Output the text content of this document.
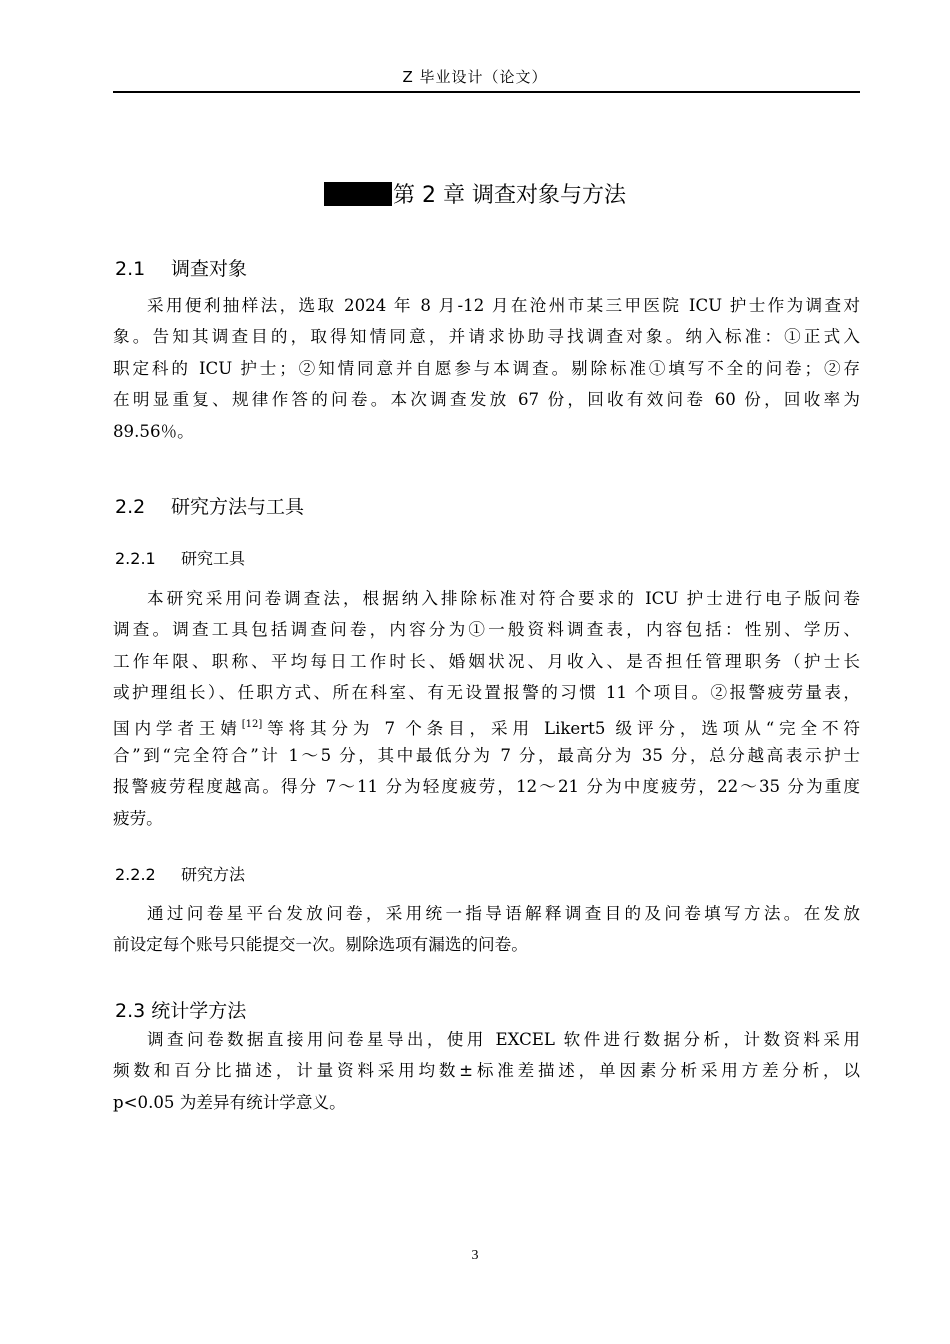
Z 毕业设计（论文）
第 2 章 调查对象与方法
2.1 调查对象
采用便利抽样法，选取 2024 年 8 月-12 月在沧州市某三甲医院 ICU 护士作为调查对
象。告知其调查目的，取得知情同意，并请求协助寻找调查对象。纳入标准：①正式入
职定科的 ICU 护士；②知情同意并自愿参与本调查。剔除标准①填写不全的问卷；②存
在明显重复、规律作答的问卷。本次调查发放 67 份，回收有效问卷 60 份，回收率为
89.56％。
2.2 研究方法与工具
2.2.1 研究工具
本研究采用问卷调查法，根据纳入排除标准对符合要求的 ICU 护士进行电子版问卷
调查。调查工具包括调查问卷，内容分为①一般资料调查表，内容包括：性别、学历、
工作年限、职称、平均每日工作时长、婚姻状况、月收入、是否担任管理职务（护士长
或护理组长）、任职方式、所在科室、有无设置报警的习惯 11 个项目。②报警疲劳量表，
国内学者王婧[12]等将其分为 7 个条目，采用 Likert5 级评分，选项从“完全不符
合”到“完全符合”计 1～5 分，其中最低分为 7 分，最高分为 35 分，总分越高表示护士
报警疲劳程度越高。得分 7～11 分为轻度疲劳，12～21 分为中度疲劳，22～35 分为重度
疲劳。
2.2.2 研究方法
通过问卷星平台发放问卷，采用统一指导语解释调查目的及问卷填写方法。在发放
前设定每个账号只能提交一次。剔除选项有漏选的问卷。
2.3 统计学方法
调查问卷数据直接用问卷星导出，使用 EXCEL 软件进行数据分析，计数资料采用
频数和百分比描述，计量资料采用均数±标准差描述，单因素分析采用方差分析，以
p<0.05 为差异有统计学意义。
3
